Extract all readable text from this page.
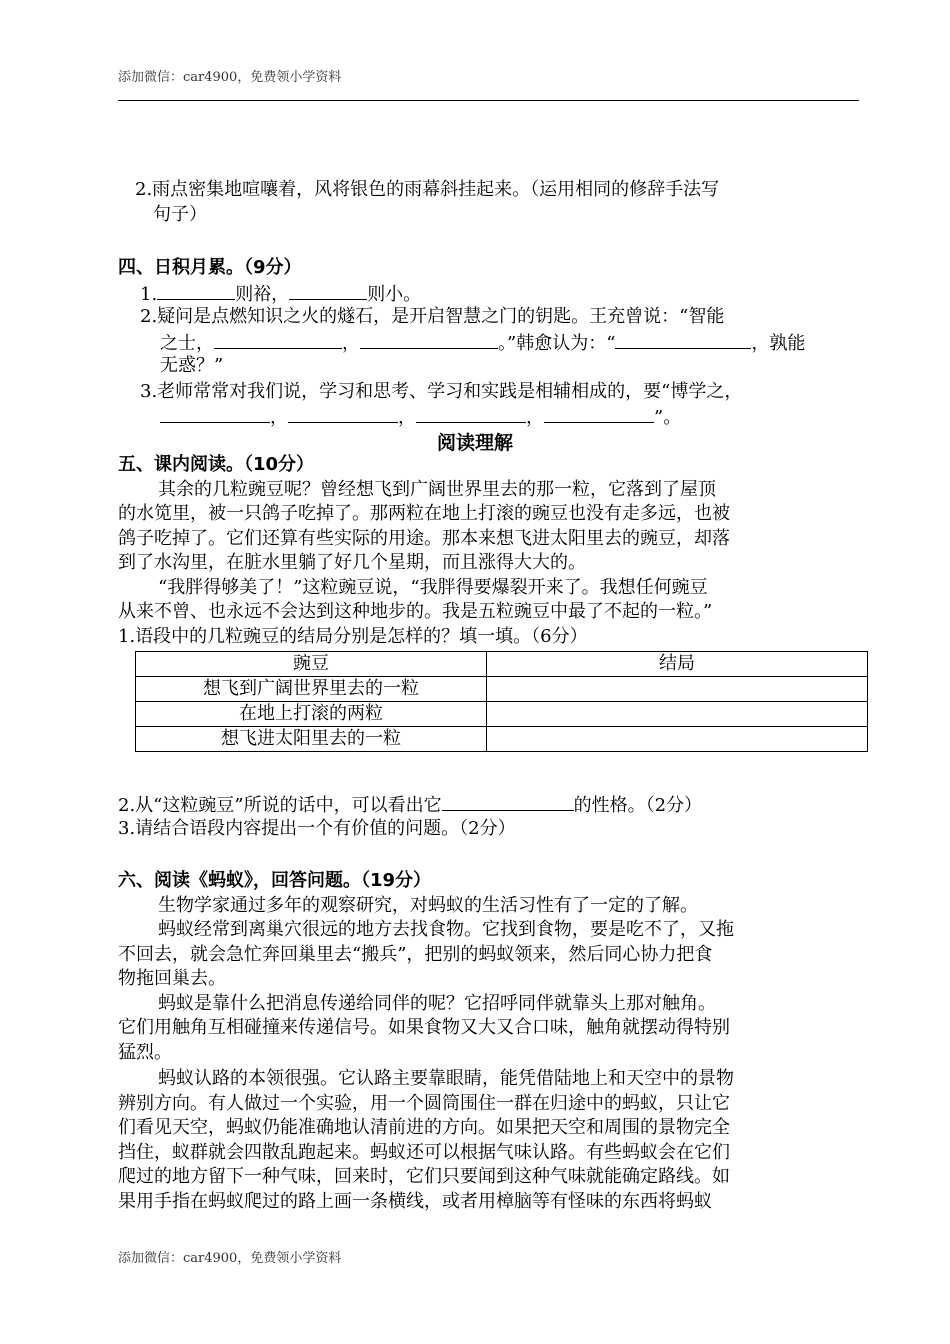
添加微信：car4900，免费领小学资料
2.雨点密集地喧嚷着，风将银色的雨幕斜挂起来。（运用相同的修辞手法写
句子）
四、日积月累。（9分）
1.	则裕，	则小。
2.疑问是点燃知识之火的燧石，是开启智慧之门的钥匙。王充曾说：“智能
之士，	，	。”韩愈认为：“	，孰能
无惑？”
3.老师常常对我们说，学习和思考、学习和实践是相辅相成的，要“博学之，
，	，	，	”。
阅读理解
五、课内阅读。（10分）
其余的几粒豌豆呢？曾经想飞到广阔世界里去的那一粒，它落到了屋顶
的水笕里，被一只鸽子吃掉了。那两粒在地上打滚的豌豆也没有走多远，也被
鸽子吃掉了。它们还算有些实际的用途。那本来想飞进太阳里去的豌豆，却落
到了水沟里，在脏水里躺了好几个星期，而且涨得大大的。
“我胖得够美了！”这粒豌豆说，“我胖得要爆裂开来了。我想任何豌豆
从来不曾、也永远不会达到这种地步的。我是五粒豌豆中最了不起的一粒。”
1.语段中的几粒豌豆的结局分别是怎样的？填一填。（6分）
豌豆	结局
想飞到广阔世界里去的一粒	
在地上打滚的两粒	
想飞进太阳里去的一粒	
2.从“这粒豌豆”所说的话中，可以看出它	的性格。（2分）
3.请结合语段内容提出一个有价值的问题。（2分）
六、阅读《蚂蚁》，回答问题。（19分）
生物学家通过多年的观察研究，对蚂蚁的生活习性有了一定的了解。
蚂蚁经常到离巢穴很远的地方去找食物。它找到食物，要是吃不了，又拖
不回去，就会急忙奔回巢里去“搬兵”，把别的蚂蚁领来，然后同心协力把食
物拖回巢去。
蚂蚁是靠什么把消息传递给同伴的呢？它招呼同伴就靠头上那对触角。
它们用触角互相碰撞来传递信号。如果食物又大又合口味，触角就摆动得特别
猛烈。
蚂蚁认路的本领很强。它认路主要靠眼睛，能凭借陆地上和天空中的景物
辨别方向。有人做过一个实验，用一个圆筒围住一群在归途中的蚂蚁，只让它
们看见天空，蚂蚁仍能准确地认清前进的方向。如果把天空和周围的景物完全
挡住，蚁群就会四散乱跑起来。蚂蚁还可以根据气味认路。有些蚂蚁会在它们
爬过的地方留下一种气味，回来时，它们只要闻到这种气味就能确定路线。如
果用手指在蚂蚁爬过的路上画一条横线，或者用樟脑等有怪味的东西将蚂蚁
添加微信：car4900，免费领小学资料
